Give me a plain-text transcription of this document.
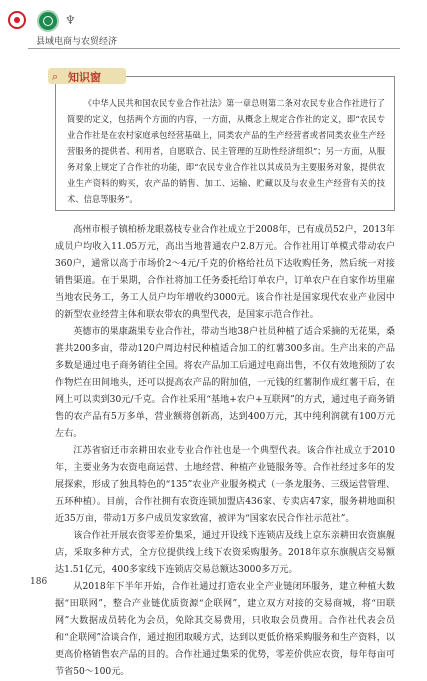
♆
县域电商与农贸经济
⌕ 知识窗

《中华人民共和国农民专业合作社法》第一章总则第二条对农民专业合作社进行了简要的定义，包括两个方面的内容，一方面，从概念上规定合作社的定义，即“农民专业合作社是在农村家庭承包经营基础上，同类农产品的生产经营者或者同类农业生产经营服务的提供者、利用者，自愿联合、民主管理的互助性经济组织”；另一方面，从服务对象上规定了合作社的功能，即“农民专业合作社以其成员为主要服务对象，提供农业生产资料的购买，农产品的销售、加工、运输、贮藏以及与农业生产经营有关的技术、信息等服务”。

高州市根子镇柏桥龙眼荔枝专业合作社成立于2008年，已有成员52户，2013年成员户均收入11.05万元，高出当地普通农户2.8万元。合作社用订单模式带动农户360户，通常以高于市场价2～4元/千克的价格给社员下达收购任务，然后统一对接销售渠道。在于果期，合作社将加工任务委托给订单农户，订单农户在自家作坊里雇当地农民务工，务工人员户均年增收约3000元。该合作社是国家现代农业产业园中的新型农业经营主体和联农带农的典型代表，是国家示范合作社。

英德市的果康蔬果专业合作社，带动当地38户社员种植了适合采摘的无花果，桑葚共200多亩，带动120户周边村民种植适合加工的红薯300多亩。生产出来的产品多数是通过电子商务销往全国。将农产品加工后通过电商出售，不仅有效地预防了农作物烂在田间地头，还可以提高农产品的附加值，一元钱的红薯制作成红薯干后，在网上可以卖到30元/千克。合作社采用“基地+农户+互联网”的方式，通过电子商务销售的农产品有5万多单，营业额将创新高，达到400万元，其中纯利润就有100万元左右。

江苏省宿迁市亲耕田农业专业合作社也是一个典型代表。该合作社成立于2010年，主要业务为农资电商运营、土地经营、种植产业链服务等。合作社经过多年的发展探索，形成了独具特色的“135”农业产业服务模式（一条龙服务、三级运营管理、五环种植）。目前，合作社拥有农资连锁加盟店436家、专卖店47家，服务耕地面积近35万亩，带动1万多户成员发家致富，被评为“国家农民合作社示范社”。

该合作社开展农资零差价集采，通过开设线下连锁店及线上京东亲耕田农资旗舰店，采取多种方式，全方位提供线上线下农资采购服务。2018年京东旗舰店交易额达1.51亿元，400多家线下连锁店交易总额达3000多万元。

从2018年下半年开始，合作社通过打造农业全产业链闭环服务，建立种植大数据“田联网”，整合产业链优质资源“企联网”，建立双方对接的交易商城，将“田联网”大数据成员转化为会员，免除其交易费用，只收取会员费用。合作社代表会员和“企联网”洽谈合作，通过抱团取暖方式，达到以更低价格采购服务和生产资料，以更高价格销售农产品的目的。合作社通过集采的优势，零差价供应农资，每年每亩可节省50～100元。

186
